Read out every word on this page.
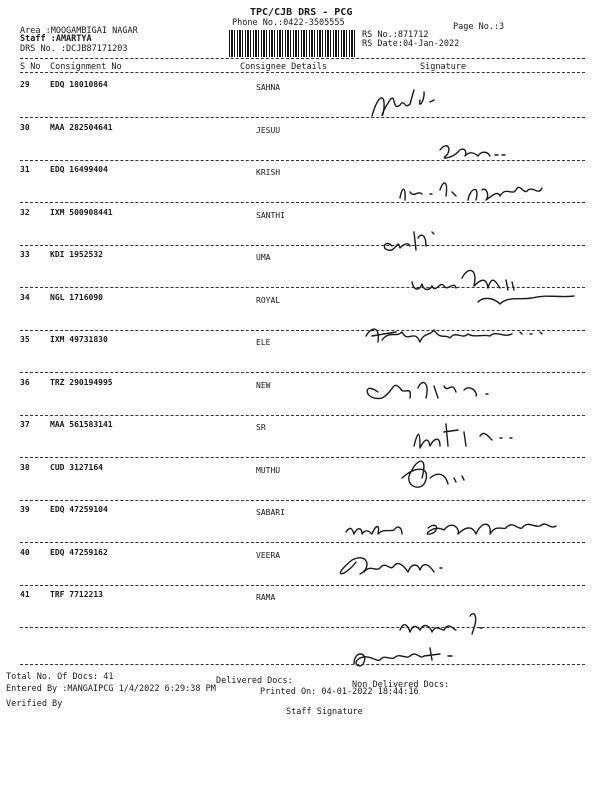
TPC/CJB DRS - PCG
Phone No.:0422-3505555	Page No.:3
Area :MOOGAMBIGAI NAGAR
Staff :AMARTYA
DRS No. :DCJB87171203
RS No.:871712
RS Date:04-Jan-2022
S No Consignment No	Consignee Details	Signature
29	EDQ 18010864	SAHNA
30	MAA 282504641	JESUU
31	EDQ 16499404	KRISH
32	IXM 500908441	SANTHI
33	KDI 1952532	UMA
34	NGL 1716090	ROYAL
35	IXM 49731830	ELE
36	TRZ 290194995	NEW
37	MAA 561583141	SR
38	CUD 3127164	MUTHU
39	EDQ 47259104	SABARI
40	EDQ 47259162	VEERA
41	TRF 7712213	RAMA
Total No. Of Docs: 41	Delivered Docs:	Non Delivered Docs:
Entered By :MANGAIPCG 1/4/2022 6:29:38 PM	Printed On: 04-01-2022 18:44:16
Verified By
Staff Signature
